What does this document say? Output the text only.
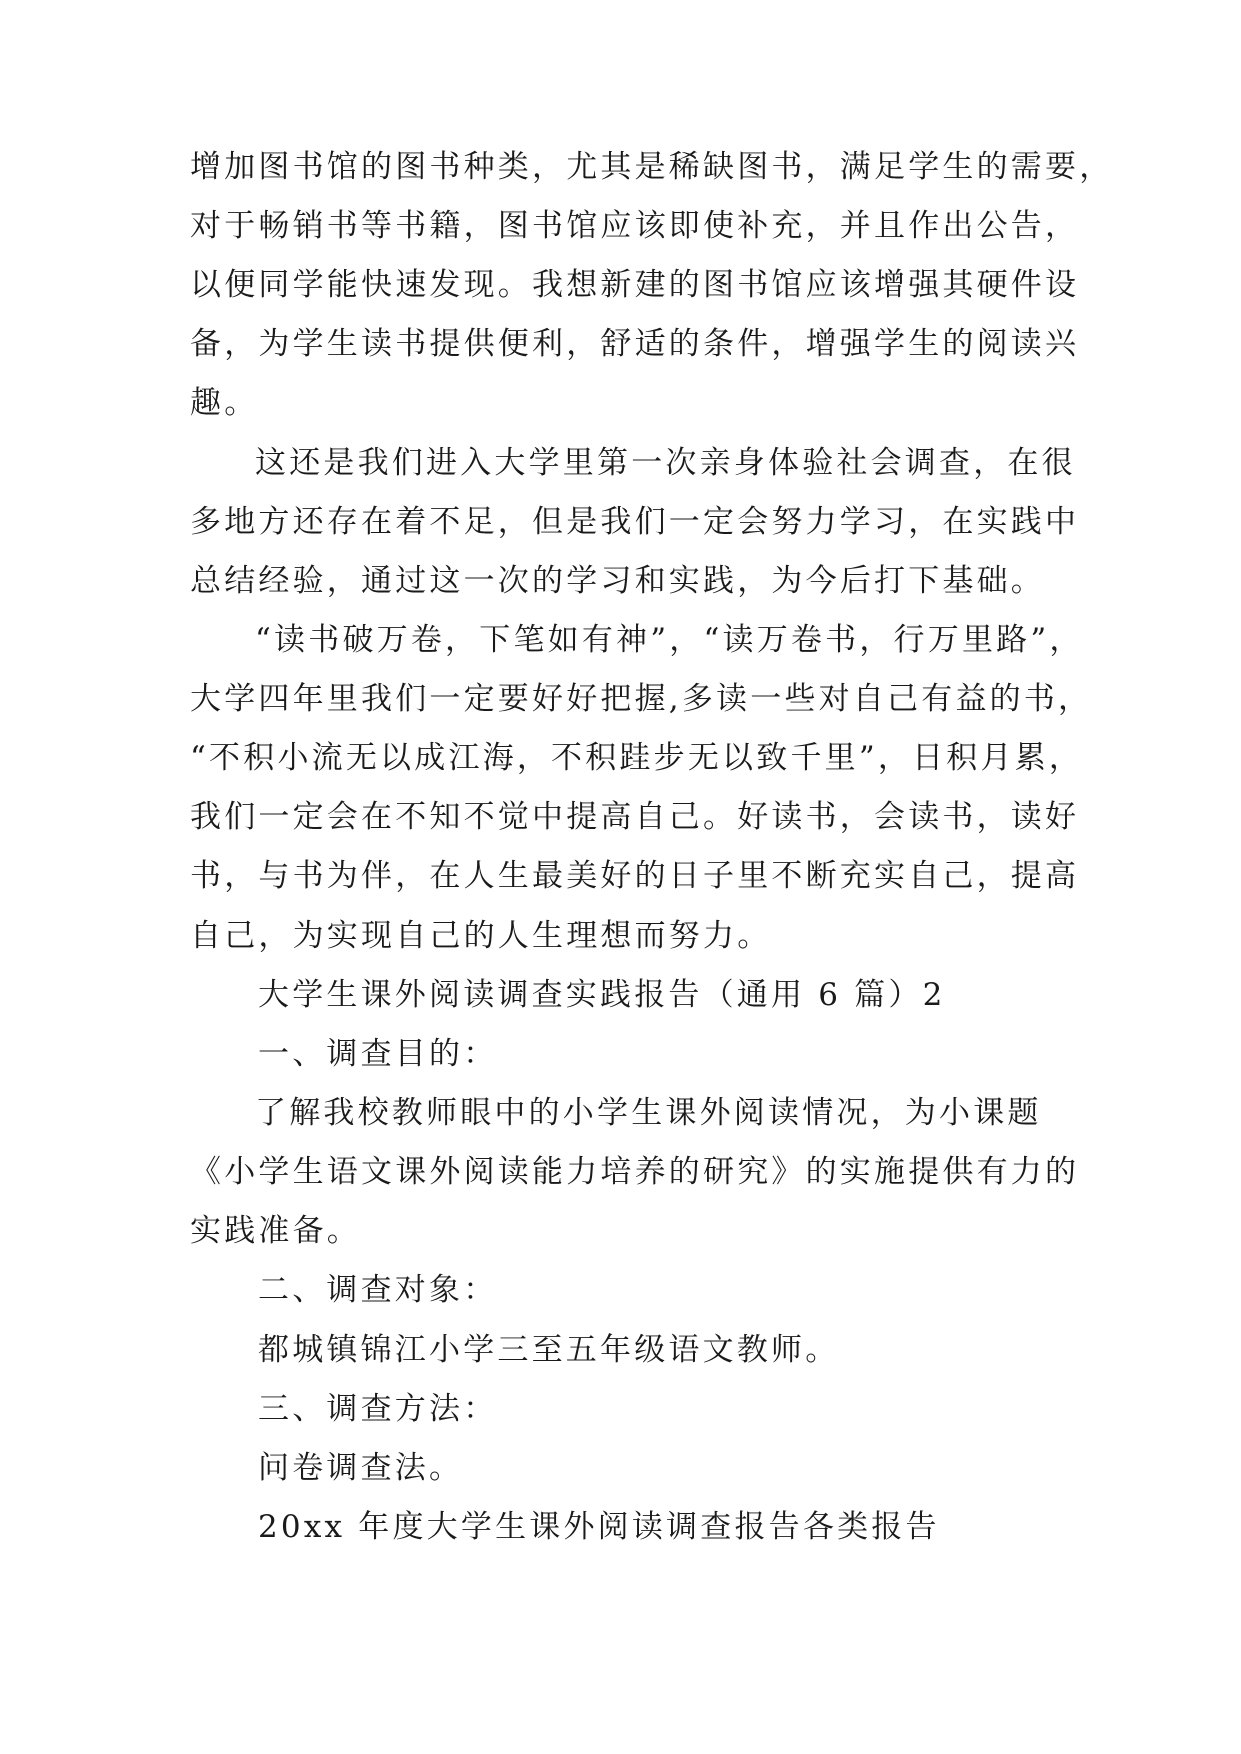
增加图书馆的图书种类，尤其是稀缺图书，满足学生的需要，
对于畅销书等书籍，图书馆应该即使补充，并且作出公告，
以便同学能快速发现。我想新建的图书馆应该增强其硬件设
备，为学生读书提供便利，舒适的条件，增强学生的阅读兴
趣。
这还是我们进入大学里第一次亲身体验社会调查，在很
多地方还存在着不足，但是我们一定会努力学习，在实践中
总结经验，通过这一次的学习和实践，为今后打下基础。
“读书破万卷，下笔如有神”，“读万卷书，行万里路”，
大学四年里我们一定要好好把握,多读一些对自己有益的书，
“不积小流无以成江海，不积跬步无以致千里”，日积月累，
我们一定会在不知不觉中提高自己。好读书，会读书，读好
书，与书为伴，在人生最美好的日子里不断充实自己，提高
自己，为实现自己的人生理想而努力。
大学生课外阅读调查实践报告（通用 6 篇）2
一、调查目的：
了解我校教师眼中的小学生课外阅读情况，为小课题
《小学生语文课外阅读能力培养的研究》的实施提供有力的
实践准备。
二、调查对象：
都城镇锦江小学三至五年级语文教师。
三、调查方法：
问卷调查法。
20xx 年度大学生课外阅读调查报告各类报告
